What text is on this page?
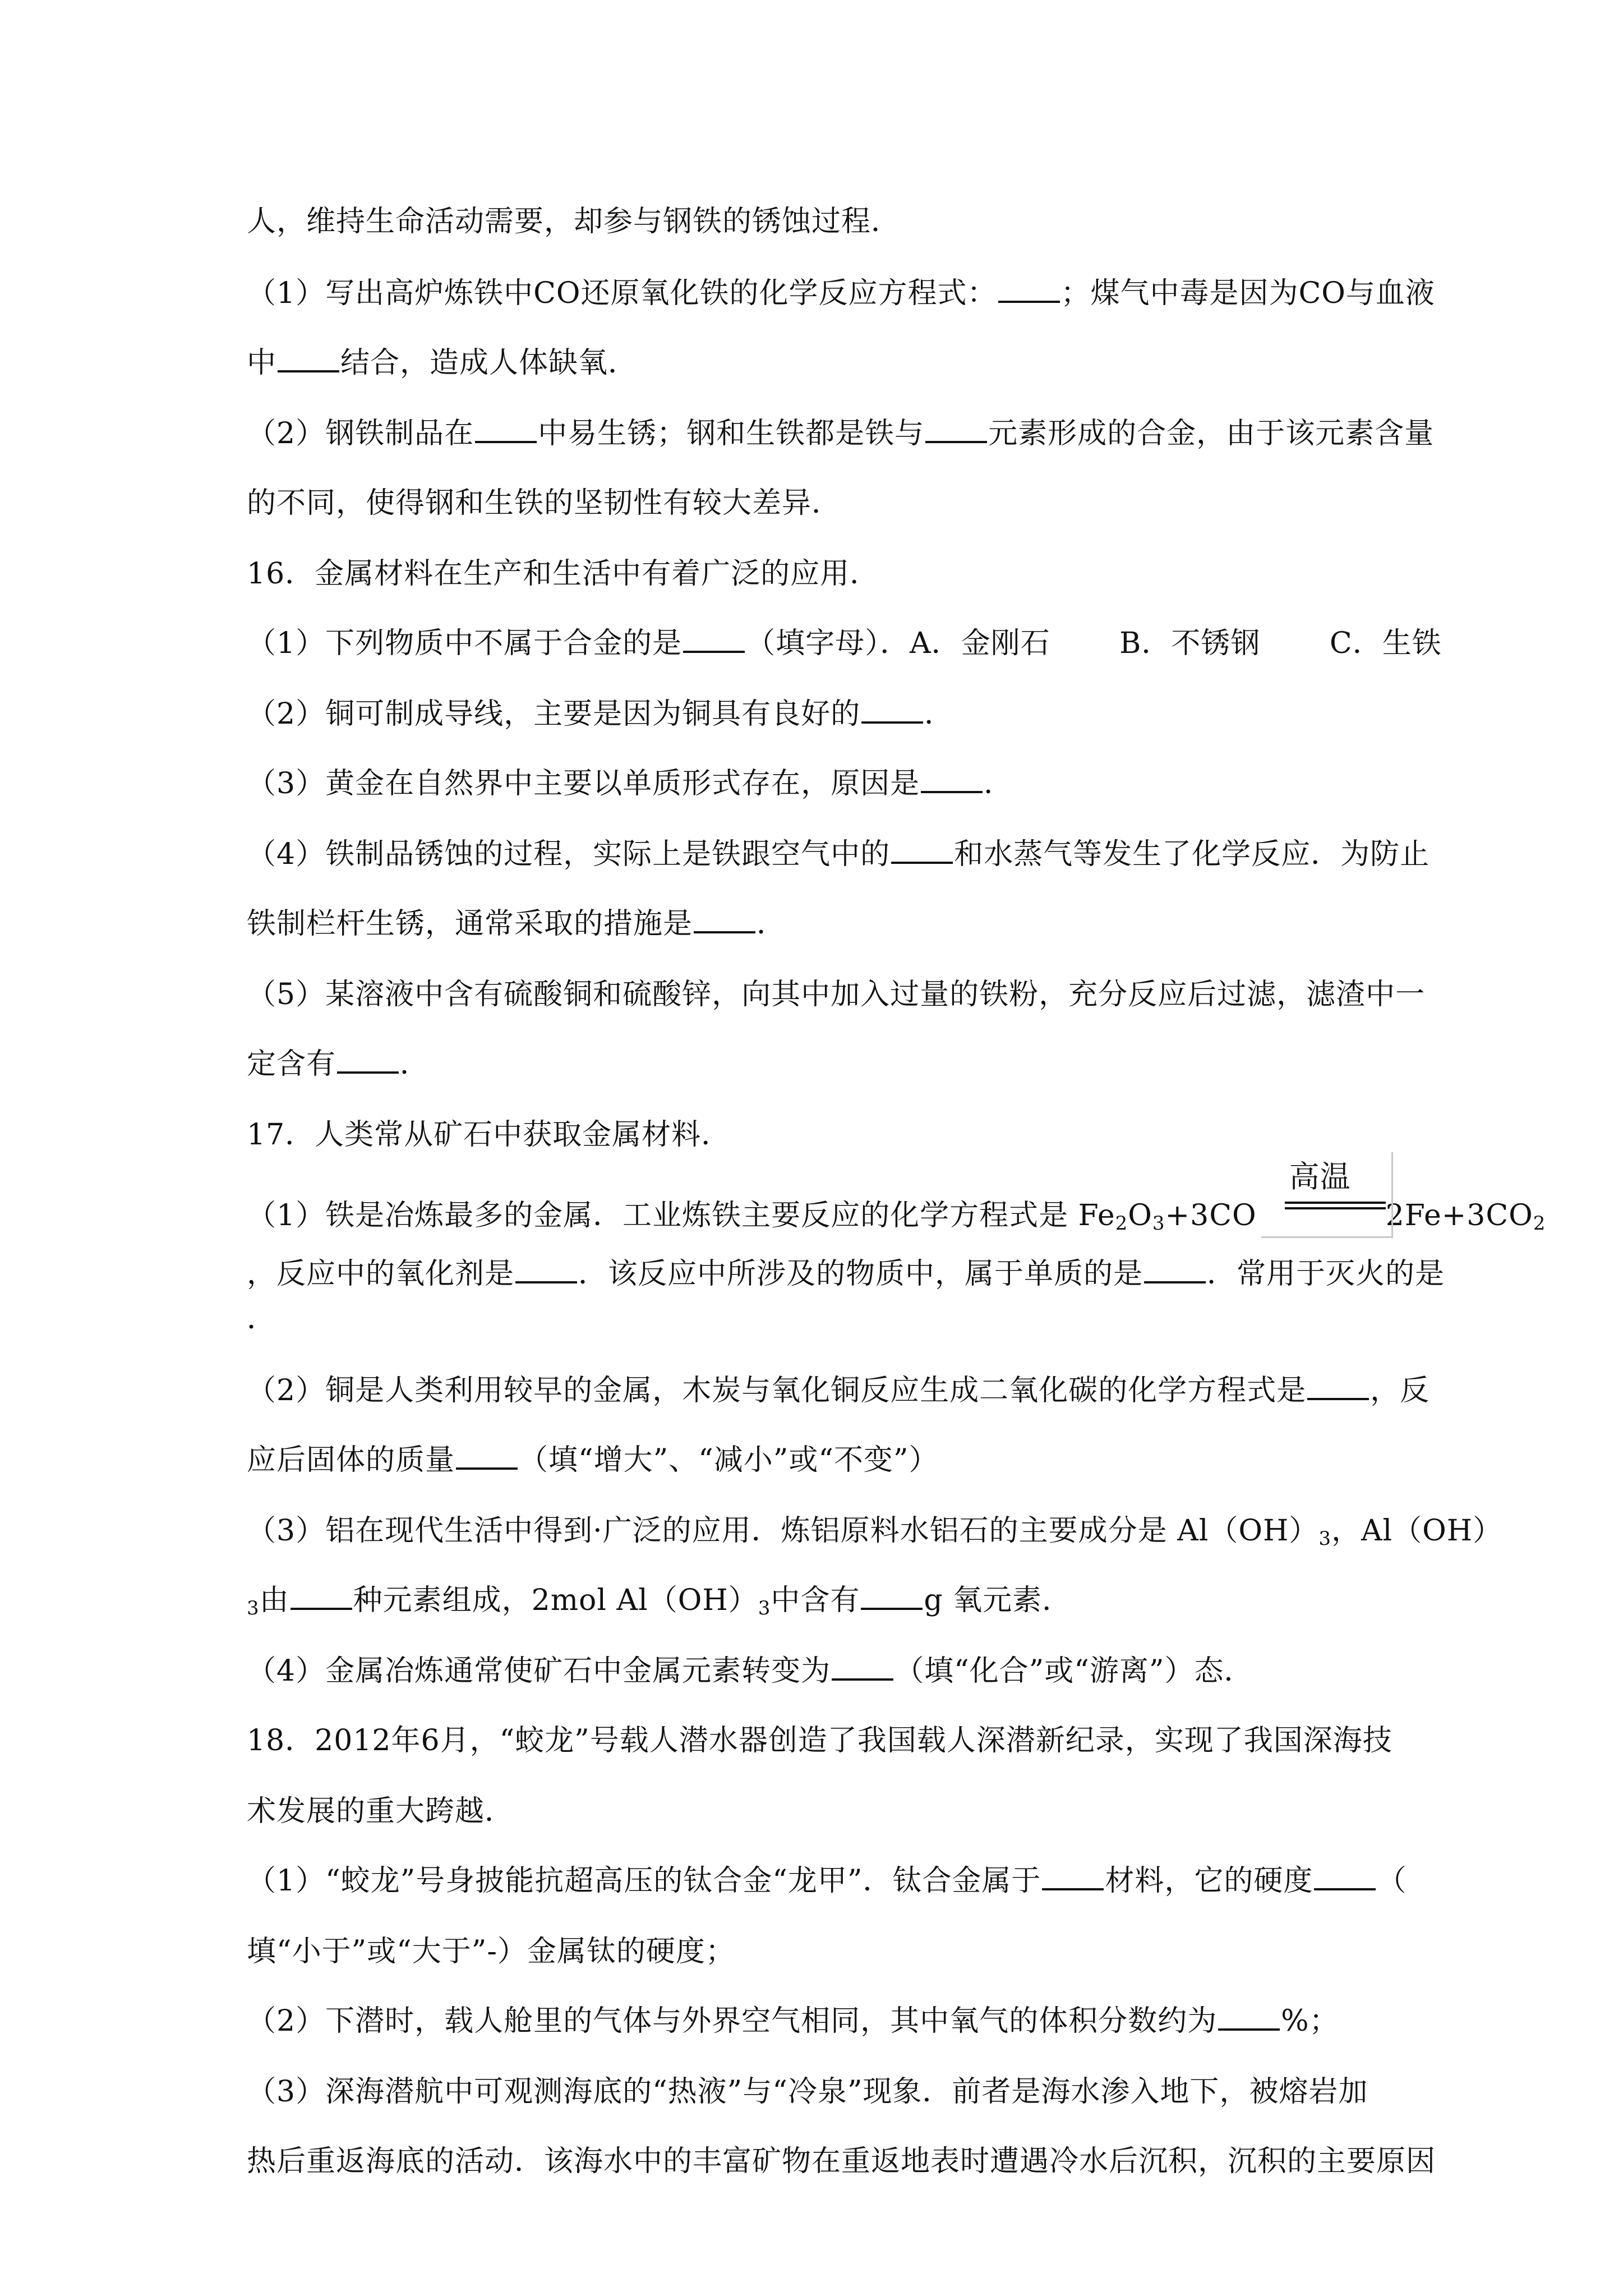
人，维持生命活动需要，却参与钢铁的锈蚀过程．
（1）写出高炉炼铁中CO还原氧化铁的化学反应方程式： ；煤气中毒是因为CO与血液
中 结合，造成人体缺氧．
（2）钢铁制品在 中易生锈；钢和生铁都是铁与 元素形成的合金，由于该元素含量
的不同，使得钢和生铁的坚韧性有较大差异．
16．金属材料在生产和生活中有着广泛的应用．
（1）下列物质中不属于合金的是 （填字母）．A．金刚石　　 B．不锈钢　　 C．生铁
（2）铜可制成导线，主要是因为铜具有良好的 ．
（3）黄金在自然界中主要以单质形式存在，原因是 ．
（4）铁制品锈蚀的过程，实际上是铁跟空气中的 和水蒸气等发生了化学反应．为防止
铁制栏杆生锈，通常采取的措施是 ．
（5）某溶液中含有硫酸铜和硫酸锌，向其中加入过量的铁粉，充分反应后过滤，滤渣中一
定含有 ．
17．人类常从矿石中获取金属材料．
（1）铁是冶炼最多的金属．工业炼铁主要反应的化学方程式是 $Fe_2O_3+3CO$
高温
$2Fe+3CO_2$
，反应中的氧化剂是 ．该反应中所涉及的物质中，属于单质的是 ．常用于灭火的是
．
（2）铜是人类利用较早的金属，木炭与氧化铜反应生成二氧化碳的化学方程式是 ，反
应后固体的质量 （填“增大”、“减小”或“不变”）
（3）铝在现代生活中得到·广泛的应用．炼铝原料水铝石的主要成分是 $Al(OH)_3$，Al（OH）
$_3$由 种元素组成，2mol $Al(OH)_3$中含有 g 氧元素．
（4）金属冶炼通常使矿石中金属元素转变为 （填“化合”或“游离”）态．
18．2012年6月，“蛟龙”号载人潜水器创造了我国载人深潜新纪录，实现了我国深海技
术发展的重大跨越．
（1）“蛟龙”号身披能抗超高压的钛合金“龙甲”．钛合金属于 材料，它的硬度 （
填“小于”或“大于”‐）金属钛的硬度；
（2）下潜时，载人舱里的气体与外界空气相同，其中氧气的体积分数约为 %；
（3）深海潜航中可观测海底的“热液”与“冷泉”现象．前者是海水渗入地下，被熔岩加
热后重返海底的活动．该海水中的丰富矿物在重返地表时遭遇冷水后沉积，沉积的主要原因
